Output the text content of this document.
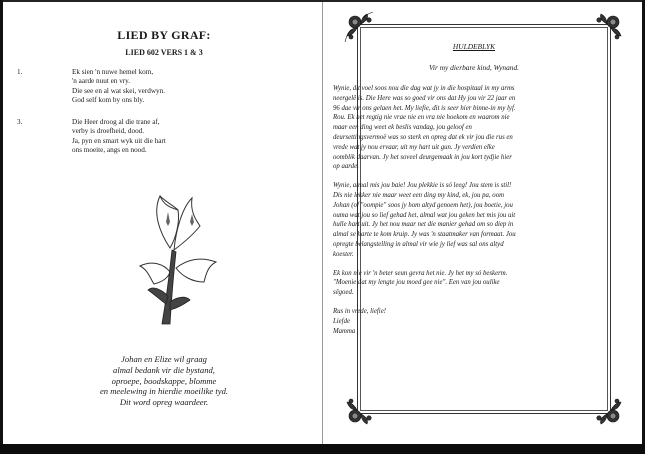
LIED BY GRAF:
LIED 602 VERS 1 & 3
1.	Ek sien 'n nuwe hemel kom,
'n aarde nuut en vry.
Die see en al wat skei, verdwyn.
God self kom by ons bly.
3.	Die Heer droog al die trane af,
verby is droefheid, dood.
Ja, pyn en smart wyk uit die hart
ons moeite, angs en nood.
Johan en Elize wil graag
almal bedank vir die bystand,
oproepe, boodskappe, blomme
en meelewing in hierdie moeilike tyd.
Dit word opreg waardeer.
HULDEBLYK
Vir my dierbare kind, Wynand.
Wynie, dit voel soos nou die dag wat jy in die hospitaal in my arms
neergelê is. Die Here was so goed vir ons dat Hy jou vir 22 jaar en
96 dae vir ons gelaen het. My liefie, dit is seer hier binne-in my lyf.
Rou. Ek het regtig nie vrae nie en vra nie hoekom en waarom nie
maar een ding weet ek beslis vandag, jou geloof en
deursettingsvermoë was so sterk en opreg dat ek vir jou die rus en
vrede wat jy nou ervaar, uit my hart uit gun. Jy verdien elke
oomblik daarvan. Jy het soveel deurgemaak in jou kort tydjie hier
op aarde.
Wynie, almal mis jou baie! Jou plekkie is só leeg! Jou stem is stil!
Dis nie lekker nie maar weet een ding my kind, ek, jou pa, oom
Johan (of "oompie" soos jy hom altyd genoem het), jou boetie, jou
ouma wat jou so lief gehad het, almal wat jou geken het mis jou uit
hulle hart uit. Jy het nou maar net die manier gehad om so diep in
almal se harte te kom kruip. Jy was 'n staatmaker van formaat. Jou
opregte belangstelling in almal vir wie jy lief was sal ons altyd
koester.
Ek kon nie vir 'n beter seun gevra het nie. Jy het my só beskerm.
"Moenie dat my lengte jou moed gee nie". Een van jou oulike
sêgoed.
Rus in vrede, liefie!
Liefde
Mamma
